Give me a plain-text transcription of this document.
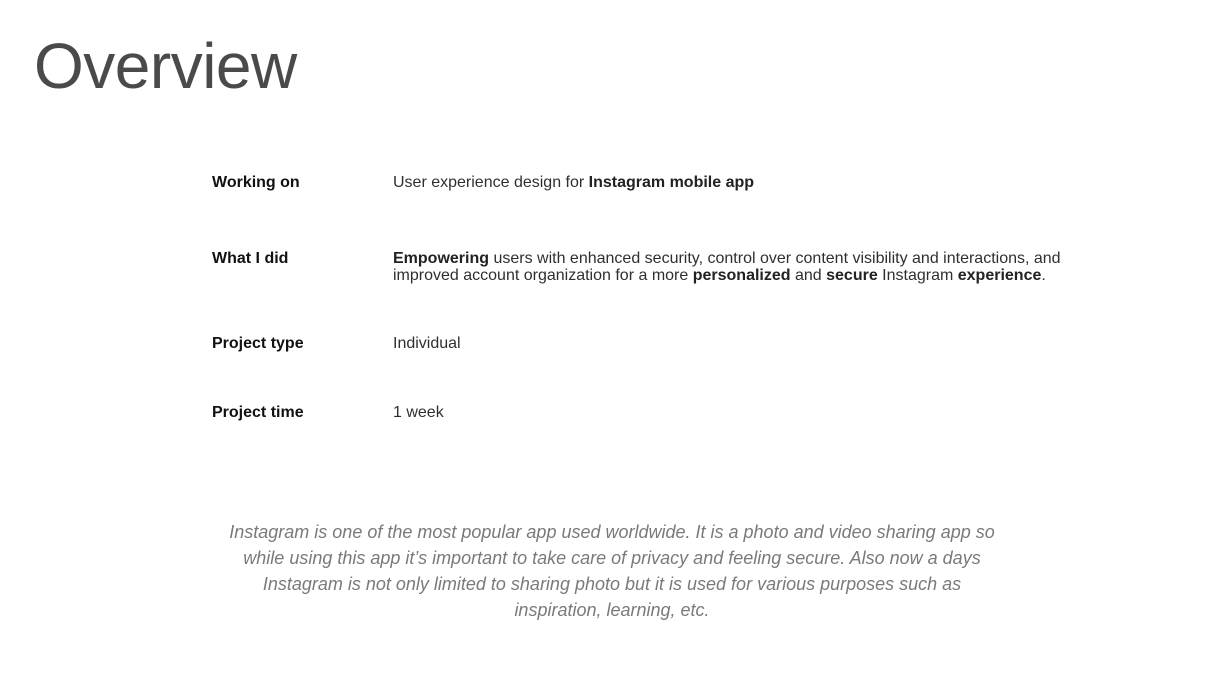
Overview
Working on	User experience design for Instagram mobile app
What I did	Empowering users with enhanced security, control over content visibility and interactions, and improved account organization for a more personalized and secure Instagram experience.
Project type	Individual
Project time	1 week

Instagram is one of the most popular app used worldwide. It is a photo and video sharing app so while using this app it’s important to take care of privacy and feeling secure. Also now a days Instagram is not only limited to sharing photo but it is used for various purposes such as inspiration, learning, etc.
